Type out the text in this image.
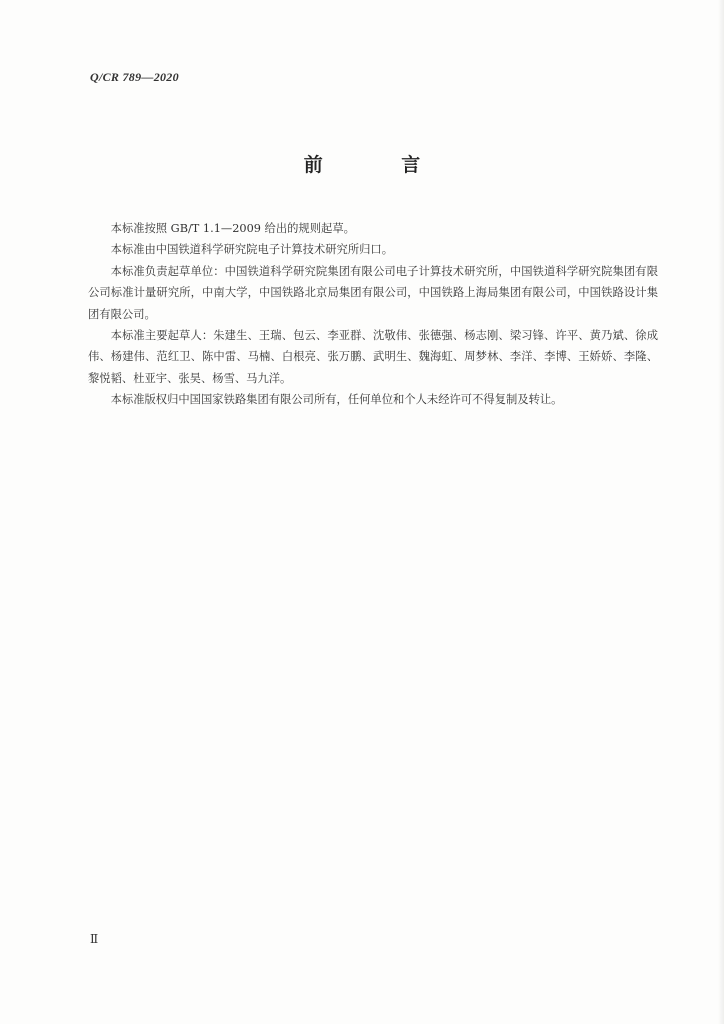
Q/CR 789—2020
前 言

本标准按照 GB/T 1.1—2009 给出的规则起草。

本标准由中国铁道科学研究院电子计算技术研究所归口。

本标准负责起草单位：中国铁道科学研究院集团有限公司电子计算技术研究所，中国铁道科学研究院集团有限公司标准计量研究所，中南大学，中国铁路北京局集团有限公司，中国铁路上海局集团有限公司，中国铁路设计集团有限公司。

本标准主要起草人：朱建生、王瑞、包云、李亚群、沈敬伟、张德强、杨志刚、梁习锋、许平、黄乃斌、徐成伟、杨建伟、范红卫、陈中雷、马楠、白根亮、张万鹏、武明生、魏海虹、周梦林、李洋、李博、王娇娇、李隆、黎悦韬、杜亚宇、张昊、杨雪、马九洋。

本标准版权归中国国家铁路集团有限公司所有，任何单位和个人未经许可不得复制及转让。

Ⅱ
